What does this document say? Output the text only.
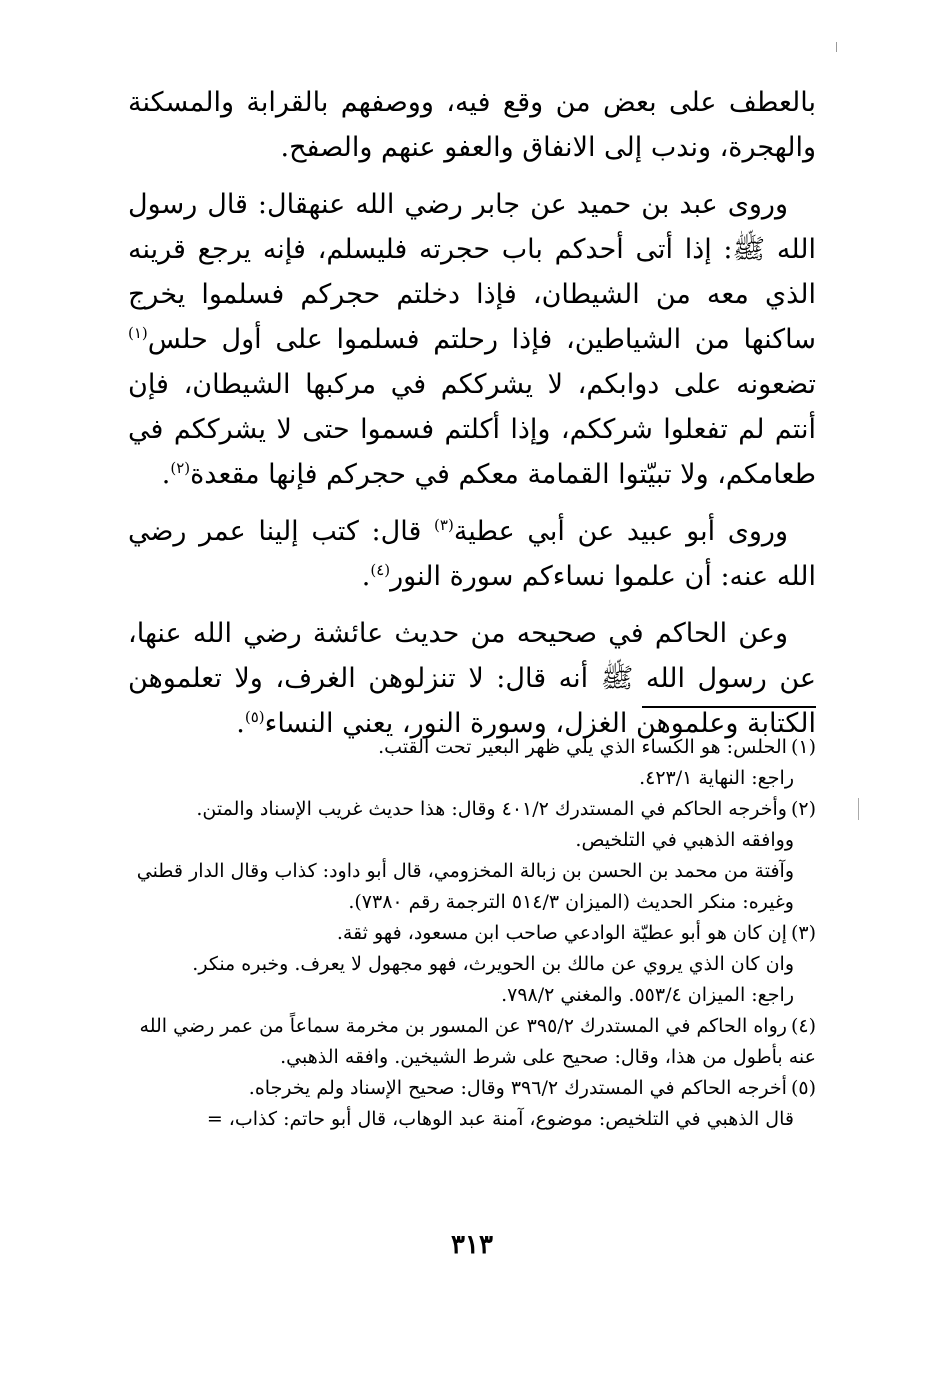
بالعطف على بعض من وقع فيه، ووصفهم بالقرابة والمسكنة والهجرة، وندب إلى الانفاق والعفو عنهم والصفح.

وروى عبد بن حميد عن جابر رضي الله عنهقال: قال رسول الله ﷺ: إذا أتى أحدكم باب حجرته فليسلم، فإنه يرجع قرينه الذي معه من الشيطان، فإذا دخلتم حجركم فسلموا يخرج ساكنها من الشياطين، فإذا رحلتم فسلموا على أول حلس$^{(١)}$ تضعونه على دوابكم، لا يشرككم في مركبها الشيطان، فإن أنتم لم تفعلوا شرككم، وإذا أكلتم فسموا حتى لا يشرككم في طعامكم، ولا تبيّتوا القمامة معكم في حجركم فإنها مقعدة$^{(٢)}$.

وروى أبو عبيد عن أبي عطية$^{(٣)}$ قال: كتب إلينا عمر رضي الله عنه: أن علموا نساءكم سورة النور$^{(٤)}$.

وعن الحاكم في صحيحه من حديث عائشة رضي الله عنها، عن رسول الله ﷺ أنه قال: لا تنزلوهن الغرف، ولا تعلموهن الكتابة وعلموهن الغزل، وسورة النور، يعني النساء$^{(٥)}$.

(١)الحلس: هو الكساء الذي يلي ظهر البعير تحت القتب.
راجع: النهاية ٤٢٣/١.
(٢)وأخرجه الحاكم في المستدرك ٤٠١/٢ وقال: هذا حديث غريب الإسناد والمتن.
ووافقه الذهبي في التلخيص.
وآفتة من محمد بن الحسن بن زبالة المخزومي، قال أبو داود: كذاب وقال الدار قطني وغيره: منكر الحديث (الميزان ٥١٤/٣ الترجمة رقم ٧٣٨٠).
(٣)إن كان هو أبو عطيّة الوادعي صاحب ابن مسعود، فهو ثقة.
وان كان الذي يروي عن مالك بن الحويرث، فهو مجهول لا يعرف. وخبره منكر.
راجع: الميزان ٥٥٣/٤. والمغني ٧٩٨/٢.
(٤)رواه الحاكم في المستدرك ٣٩٥/٢ عن المسور بن مخرمة سماعاً من عمر رضي الله عنه بأطول من هذا، وقال: صحيح على شرط الشيخين. وافقه الذهبي.
(٥)أخرجه الحاكم في المستدرك ٣٩٦/٢ وقال: صحيح الإسناد ولم يخرجاه.
قال الذهبي في التلخيص: موضوع، آمنة عبد الوهاب، قال أبو حاتم: كذاب، =
٣١٣
